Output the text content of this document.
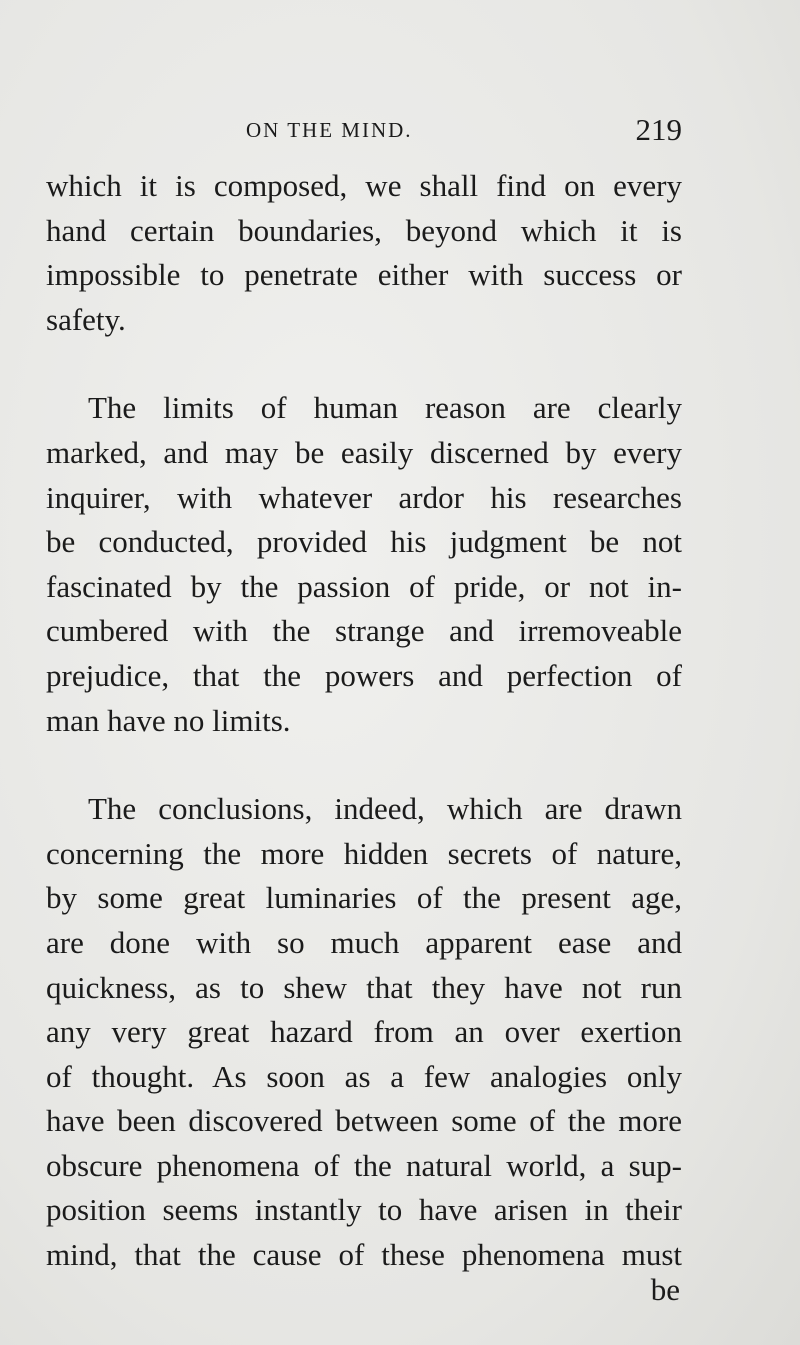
ON THE MIND.	219
which it is composed, we shall find on every
hand certain boundaries, beyond which it is
impossible to penetrate either with success or
safety.
The limits of human reason are clearly
marked, and may be easily discerned by every
inquirer, with whatever ardor his researches
be conducted, provided his judgment be not
fascinated by the passion of pride, or not in-
cumbered with the strange and irremoveable
prejudice, that the powers and perfection of
man have no limits.
The conclusions, indeed, which are drawn
concerning the more hidden secrets of nature,
by some great luminaries of the present age,
are done with so much apparent ease and
quickness, as to shew that they have not run
any very great hazard from an over exertion
of thought. As soon as a few analogies only
have been discovered between some of the more
obscure phenomena of the natural world, a sup-
position seems instantly to have arisen in their
mind, that the cause of these phenomena must
be
